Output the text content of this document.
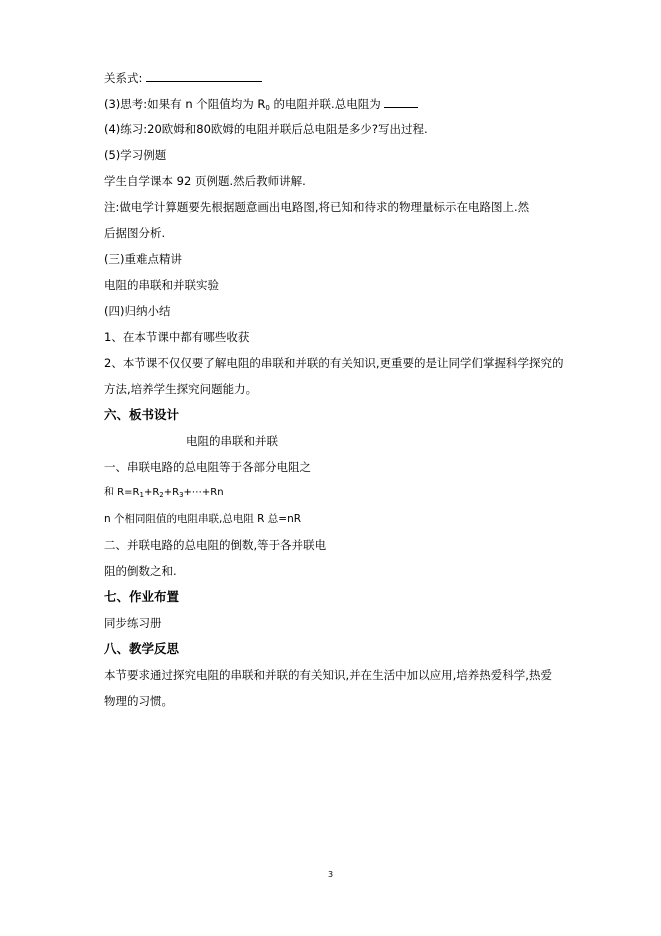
关系式:
(3)思考:如果有 n 个阻值均为 $R_0$ 的电阻并联.总电阻为
(4)练习:20欧姆和80欧姆的电阻并联后总电阻是多少?写出过程.
(5)学习例题
学生自学课本 92 页例题.然后教师讲解.
注:做电学计算题要先根据题意画出电路图,将已知和待求的物理量标示在电路图上.然
后据图分析.
(三)重难点精讲
电阻的串联和并联实验
(四)归纳小结
1、在本节课中都有哪些收获
2、本节课不仅仅要了解电阻的串联和并联的有关知识,更重要的是让同学们掌握科学探究的
方法,培养学生探究问题能力。
六、板书设计
电阻的串联和并联
一、串联电路的总电阻等于各部分电阻之
和 $R=R_1+R_2+R_3+\cdots+Rn$
n 个相同阻值的电阻串联,总电阻 R 总=nR
二、并联电路的总电阻的倒数,等于各并联电
阻的倒数之和.
七、作业布置
同步练习册
八、教学反思
本节要求通过探究电阻的串联和并联的有关知识,并在生活中加以应用,培养热爱科学,热爱
物理的习惯。
3
